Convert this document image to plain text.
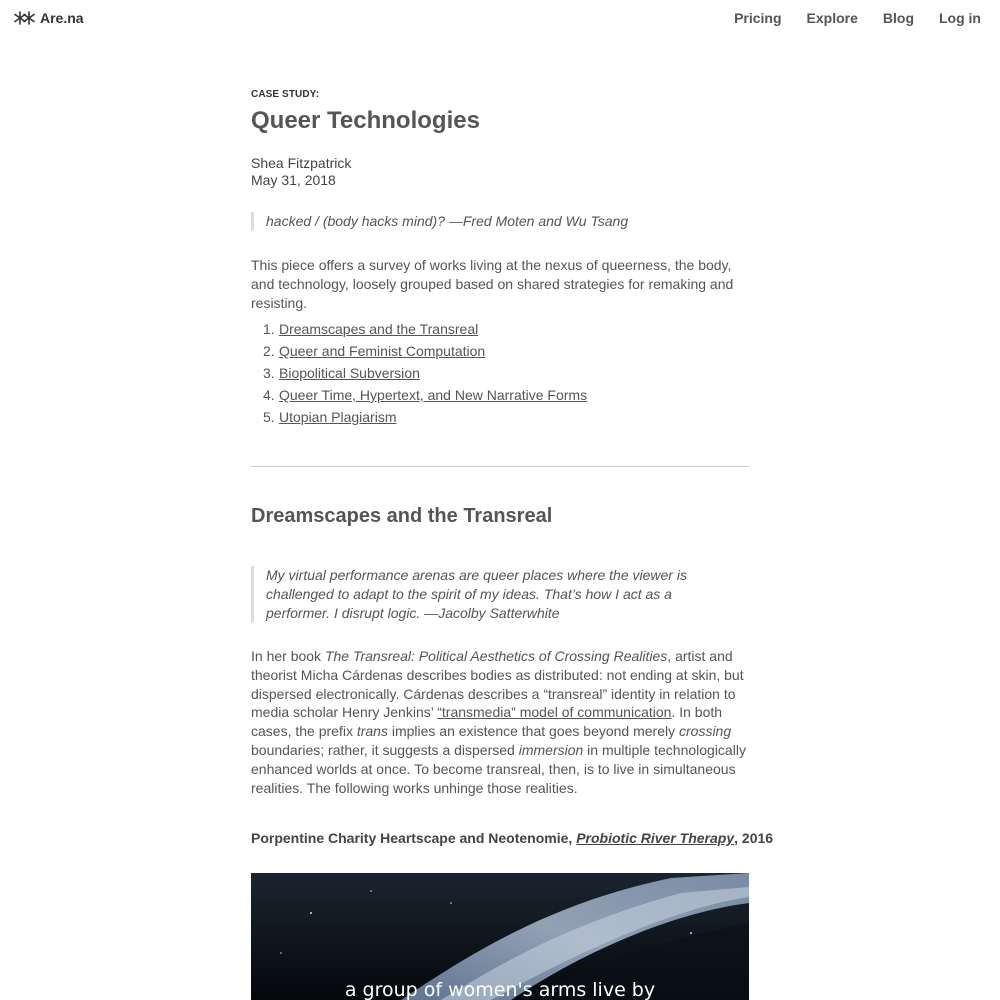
Are.na	Pricing Explore Blog Log in
CASE STUDY:
Queer Technologies
Shea Fitzpatrick
May 31, 2018
hacked / (body hacks mind)? —Fred Moten and Wu Tsang

This piece offers a survey of works living at the nexus of queerness, the body, and technology, loosely grouped based on shared strategies for remaking and resisting.

1. Dreamscapes and the Transreal
2. Queer and Feminist Computation
3. Biopolitical Subversion
4. Queer Time, Hypertext, and New Narrative Forms
5. Utopian Plagiarism
Dreamscapes and the Transreal
My virtual performance arenas are queer places where the viewer is challenged to adapt to the spirit of my ideas. That’s how I act as a performer. I disrupt logic. —Jacolby Satterwhite

In her book The Transreal: Political Aesthetics of Crossing Realities, artist and theorist Micha Cárdenas describes bodies as distributed: not ending at skin, but dispersed electronically. Cárdenas describes a “transreal” identity in relation to media scholar Henry Jenkins’ “transmedia” model of communication. In both cases, the prefix trans implies an existence that goes beyond merely crossing boundaries; rather, it suggests a dispersed immersion in multiple technologically enhanced worlds at once. To become transreal, then, is to live in simultaneous realities. The following works unhinge those realities.

Porpentine Charity Heartscape and Neotenomie, Probiotic River Therapy, 2016
a group of women's arms live by
